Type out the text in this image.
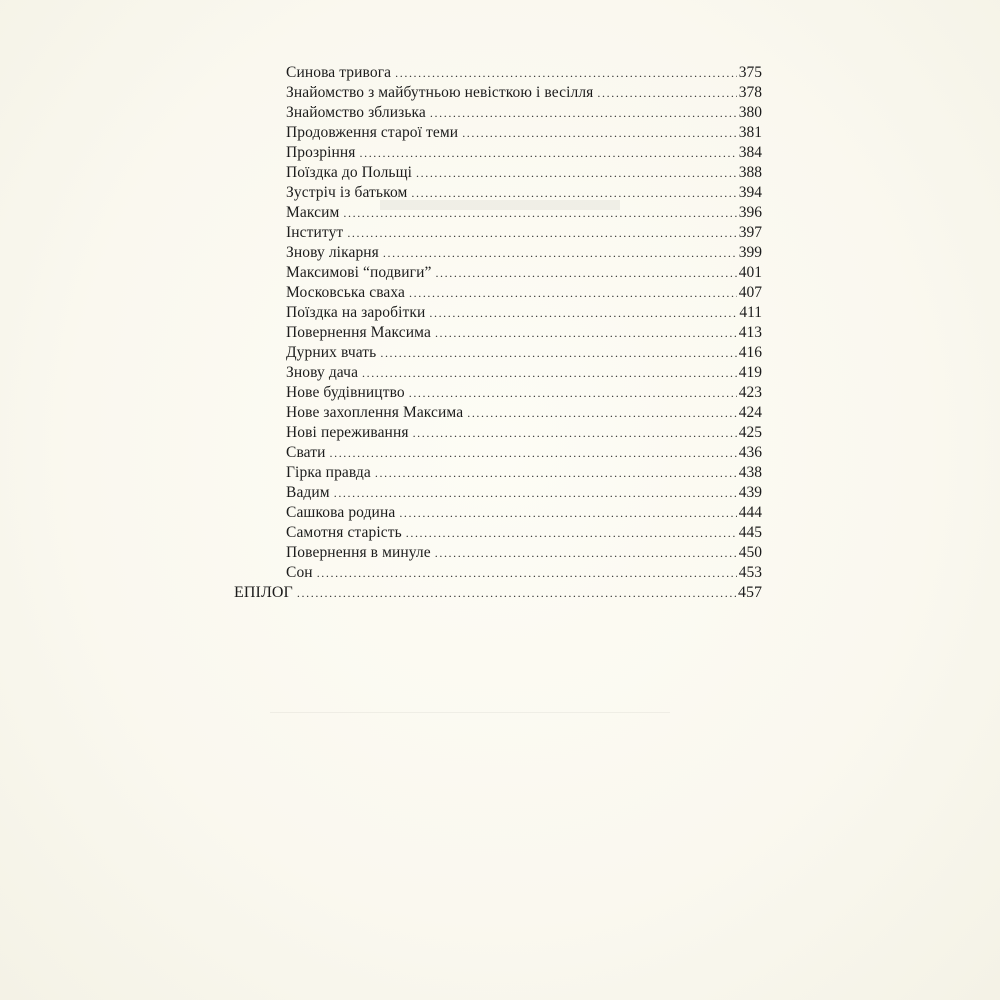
Синова тривога .....	375
Знайомство з майбутньою невісткою і весілля .....	378
Знайомство зблизька .....	380
Продовження старої теми .....	381
Прозріння .....	384
Поїздка до Польщі .....	388
Зустріч із батьком .....	394
Максим .....	396
Інститут .....	397
Знову лікарня .....	399
Максимові “подвиги” .....	401
Московська сваха .....	407
Поїздка на заробітки .....	411
Повернення Максима .....	413
Дурних вчать .....	416
Знову дача .....	419
Нове будівництво .....	423
Нове захоплення Максима .....	424
Нові переживання .....	425
Свати .....	436
Гірка правда .....	438
Вадим .....	439
Сашкова родина .....	444
Самотня старість .....	445
Повернення в минуле .....	450
Сон .....	453
ЕПІЛОГ .....	457
